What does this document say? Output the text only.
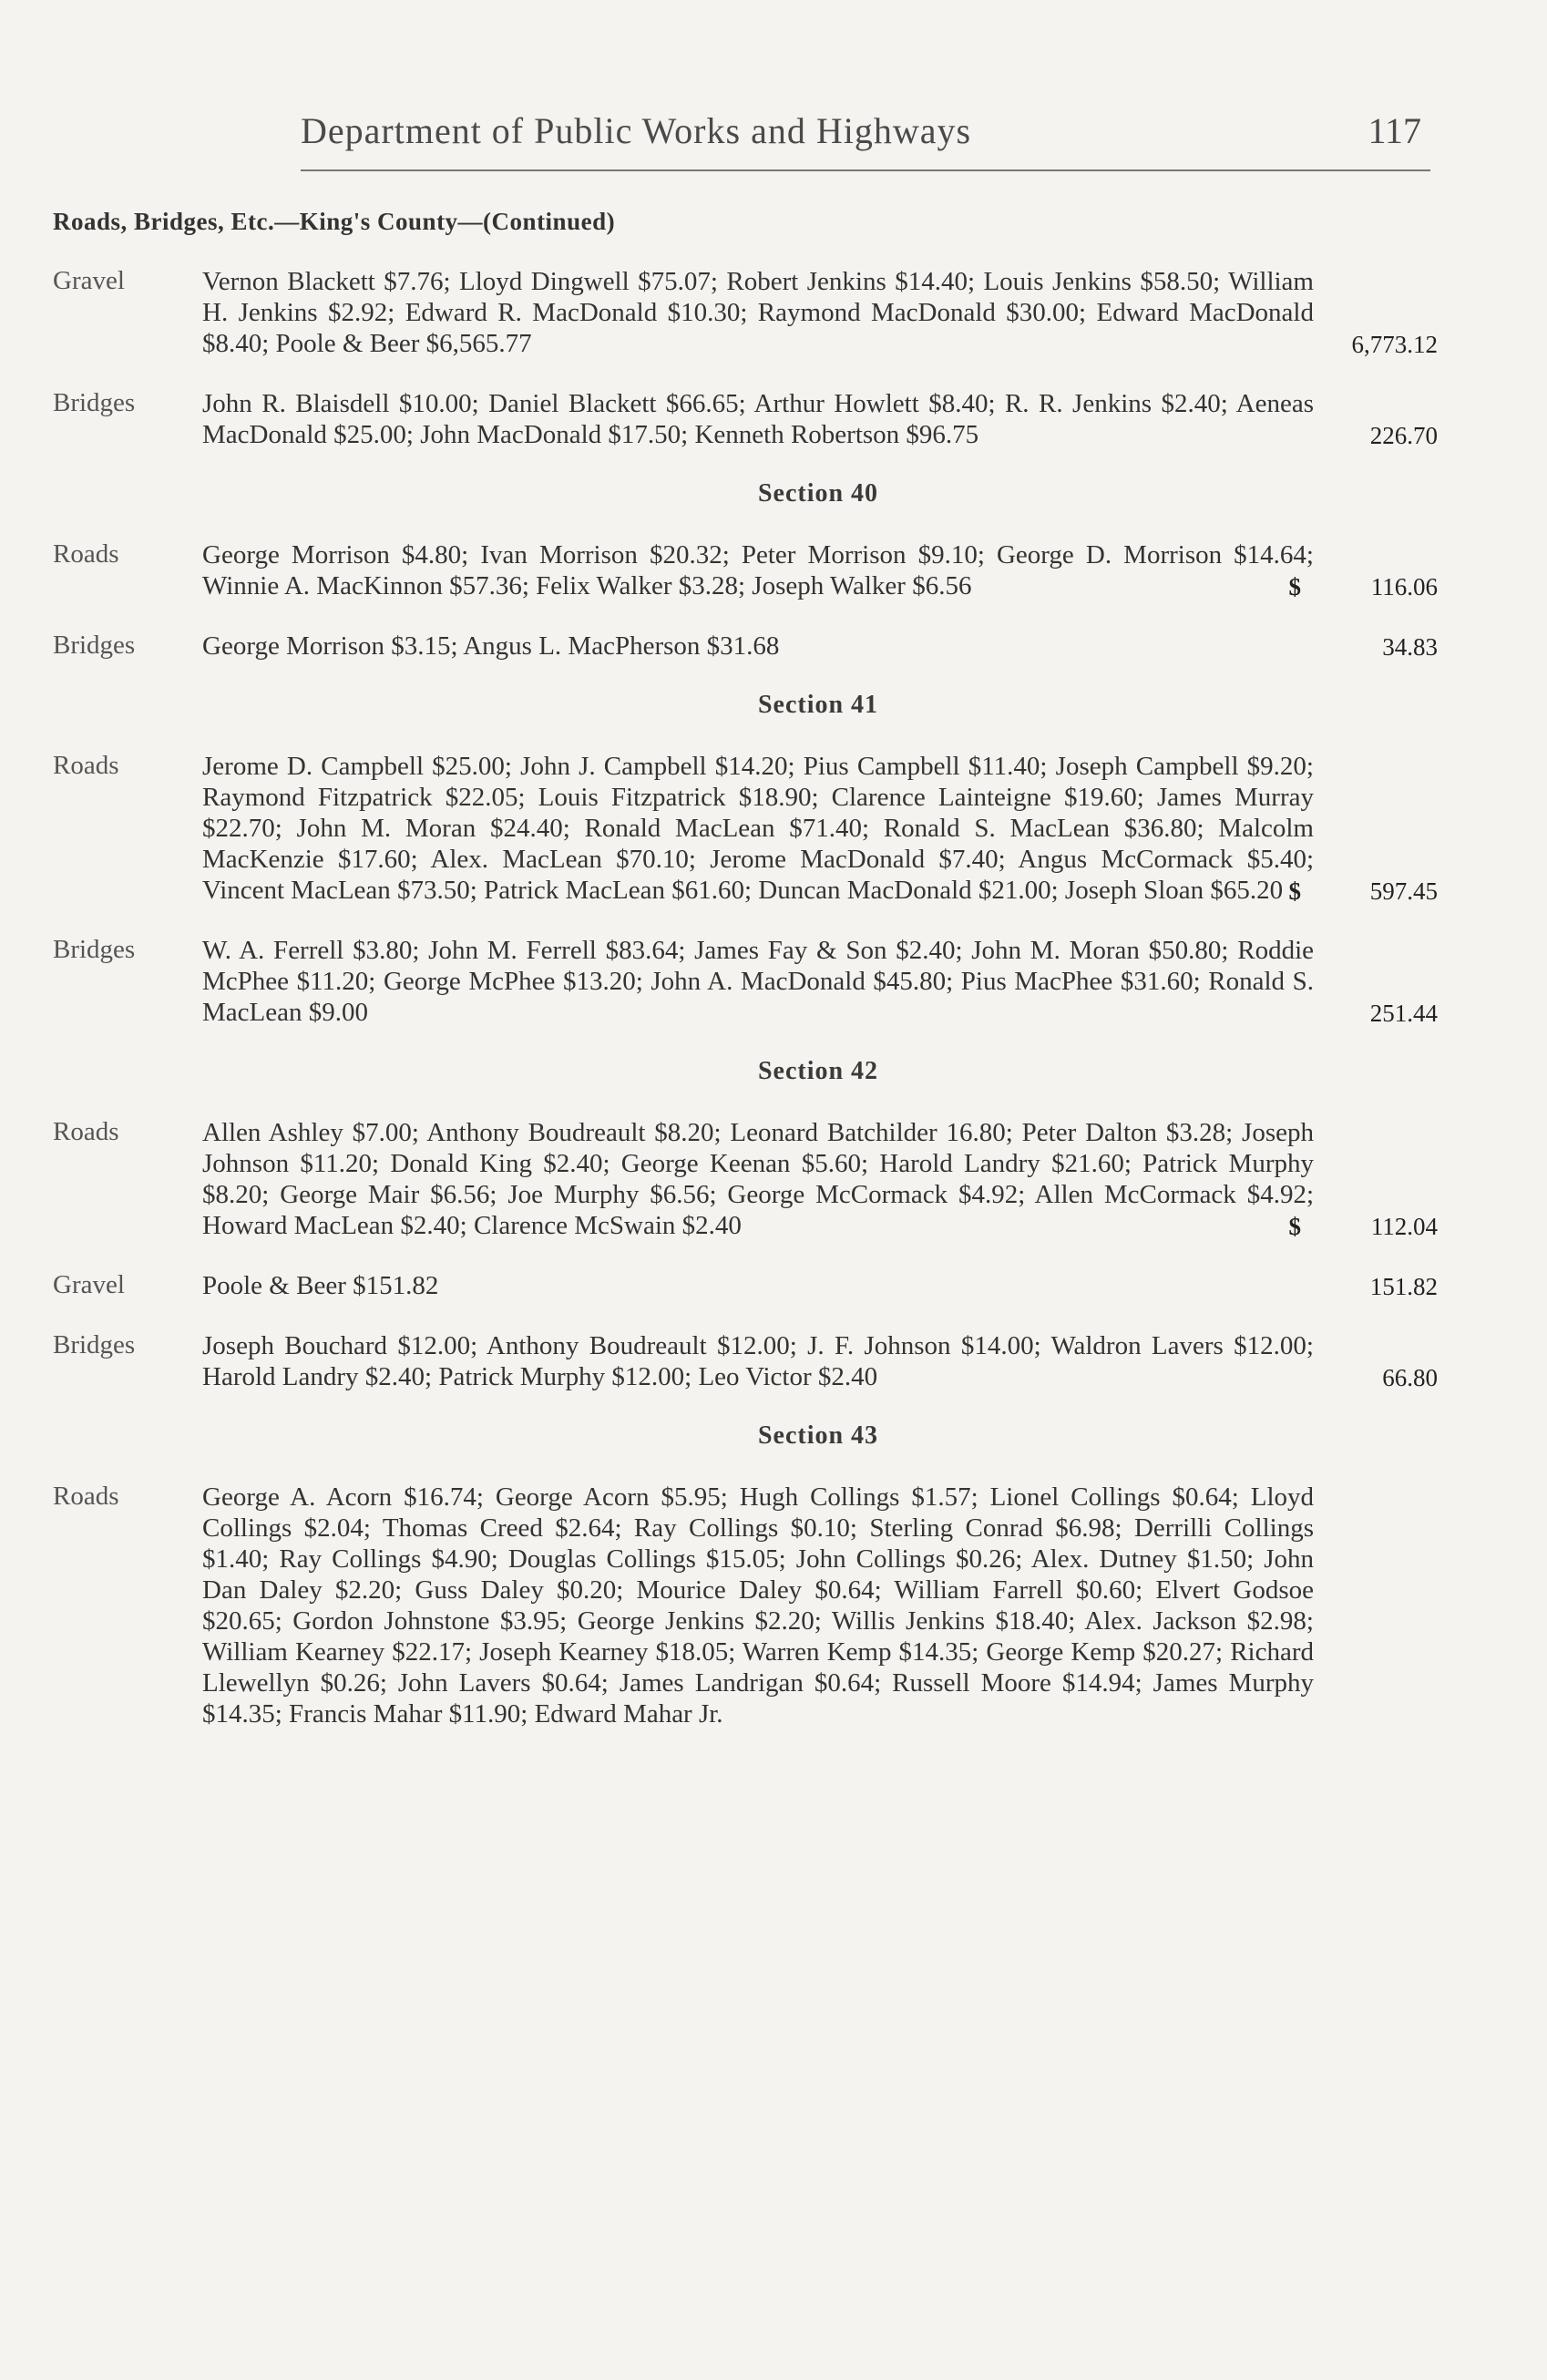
Department of Public Works and Highways	117
Roads, Bridges, Etc.—King's County—(Continued)
Gravel	Vernon Blackett $7.76; Lloyd Dingwell $75.07; Robert Jenkins $14.40; Louis Jenkins $58.50; William H. Jenkins $2.92; Edward R. MacDonald $10.30; Raymond MacDonald $30.00; Edward MacDonald $8.40; Poole & Beer $6,565.77	6,773.12
Bridges	John R. Blaisdell $10.00; Daniel Blackett $66.65; Arthur Howlett $8.40; R. R. Jenkins $2.40; Aeneas MacDonald $25.00; John MacDonald $17.50; Kenneth Robertson $96.75	226.70
Section 40
Roads	George Morrison $4.80; Ivan Morrison $20.32; Peter Morrison $9.10; George D. Morrison $14.64; Winnie A. MacKinnon $57.36; Felix Walker $3.28; Joseph Walker $6.56	$	116.06
Bridges	George Morrison $3.15; Angus L. MacPherson $31.68	34.83
Section 41
Roads	Jerome D. Campbell $25.00; John J. Campbell $14.20; Pius Campbell $11.40; Joseph Campbell $9.20; Raymond Fitzpatrick $22.05; Louis Fitzpatrick $18.90; Clarence Lainteigne $19.60; James Murray $22.70; John M. Moran $24.40; Ronald MacLean $71.40; Ronald S. MacLean $36.80; Malcolm MacKenzie $17.60; Alex. MacLean $70.10; Jerome MacDonald $7.40; Angus McCormack $5.40; Vincent MacLean $73.50; Patrick MacLean $61.60; Duncan MacDonald $21.00; Joseph Sloan $65.20 $	597.45
Bridges	W. A. Ferrell $3.80; John M. Ferrell $83.64; James Fay & Son $2.40; John M. Moran $50.80; Roddie McPhee $11.20; George McPhee $13.20; John A. MacDonald $45.80; Pius MacPhee $31.60; Ronald S. MacLean $9.00	251.44
Section 42
Roads	Allen Ashley $7.00; Anthony Boudreault $8.20; Leonard Batchilder 16.80; Peter Dalton $3.28; Joseph Johnson $11.20; Donald King $2.40; George Keenan $5.60; Harold Landry $21.60; Patrick Murphy $8.20; George Mair $6.56; Joe Murphy $6.56; George McCormack $4.92; Allen McCormack $4.92; Howard MacLean $2.40; Clarence McSwain $2.40	$	112.04
Gravel	Poole & Beer $151.82	151.82
Bridges	Joseph Bouchard $12.00; Anthony Boudreault $12.00; J. F. Johnson $14.00; Waldron Lavers $12.00; Harold Landry $2.40; Patrick Murphy $12.00; Leo Victor $2.40	66.80
Section 43
Roads	George A. Acorn $16.74; George Acorn $5.95; Hugh Collings $1.57; Lionel Collings $0.64; Lloyd Collings $2.04; Thomas Creed $2.64; Ray Collings $0.10; Sterling Conrad $6.98; Derrilli Collings $1.40; Ray Collings $4.90; Douglas Collings $15.05; John Collings $0.26; Alex. Dutney $1.50; John Dan Daley $2.20; Guss Daley $0.20; Mourice Daley $0.64; William Farrell $0.60; Elvert Godsoe $20.65; Gordon Johnstone $3.95; George Jenkins $2.20; Willis Jenkins $18.40; Alex. Jackson $2.98; William Kearney $22.17; Joseph Kearney $18.05; Warren Kemp $14.35; George Kemp $20.27; Richard Llewellyn $0.26; John Lavers $0.64; James Landrigan $0.64; Russell Moore $14.94; James Murphy $14.35; Francis Mahar $11.90; Edward Mahar Jr.
